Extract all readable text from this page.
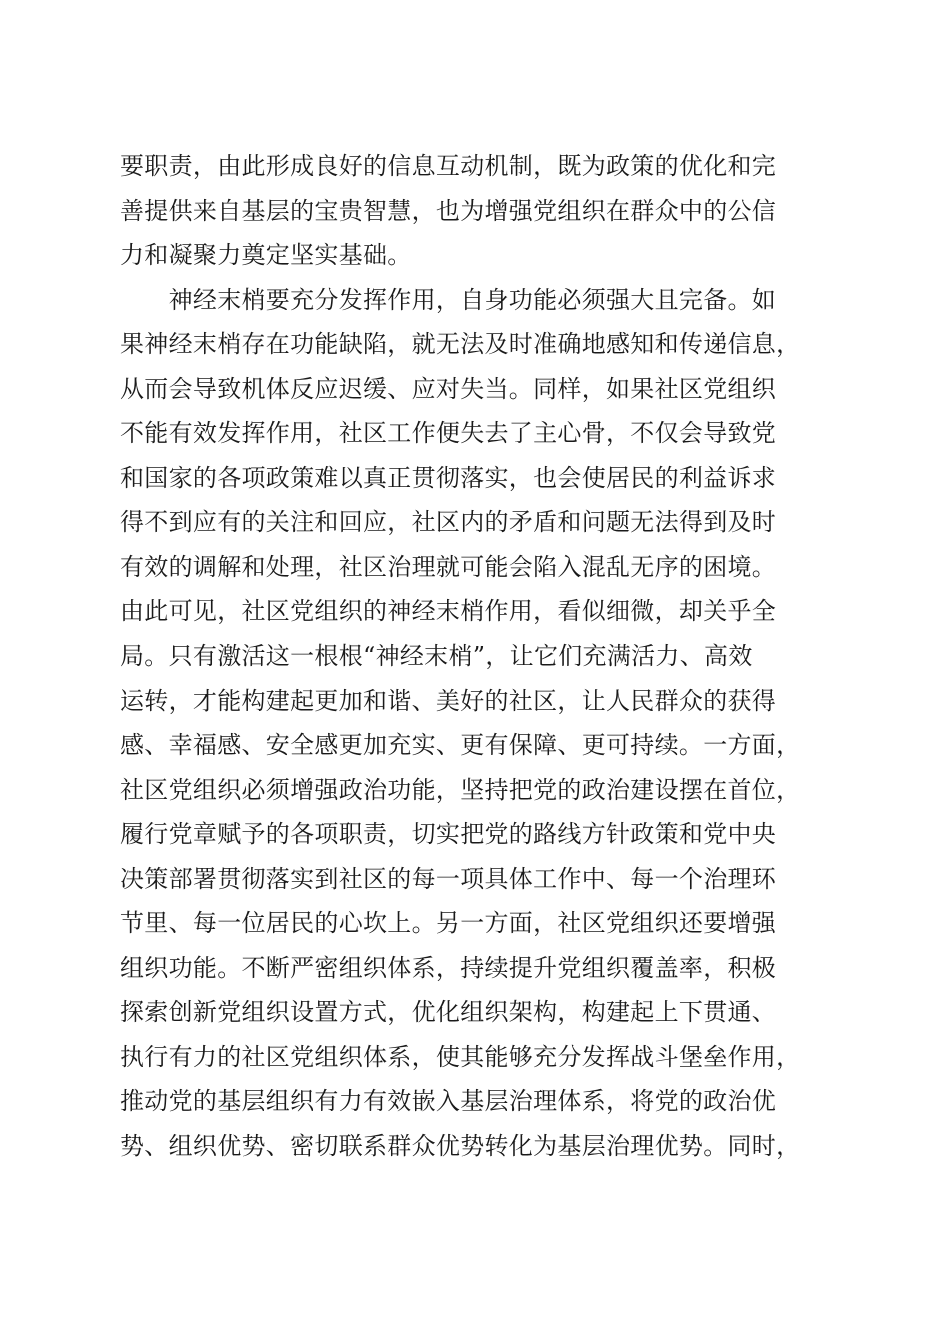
要职责，由此形成良好的信息互动机制，既为政策的优化和完
善提供来自基层的宝贵智慧，也为增强党组织在群众中的公信
力和凝聚力奠定坚实基础。
　　神经末梢要充分发挥作用，自身功能必须强大且完备。如
果神经末梢存在功能缺陷，就无法及时准确地感知和传递信息，
从而会导致机体反应迟缓、应对失当。同样，如果社区党组织
不能有效发挥作用，社区工作便失去了主心骨，不仅会导致党
和国家的各项政策难以真正贯彻落实，也会使居民的利益诉求
得不到应有的关注和回应，社区内的矛盾和问题无法得到及时
有效的调解和处理，社区治理就可能会陷入混乱无序的困境。
由此可见，社区党组织的神经末梢作用，看似细微，却关乎全
局。只有激活这一根根“神经末梢”，让它们充满活力、高效
运转，才能构建起更加和谐、美好的社区，让人民群众的获得
感、幸福感、安全感更加充实、更有保障、更可持续。一方面，
社区党组织必须增强政治功能，坚持把党的政治建设摆在首位，
履行党章赋予的各项职责，切实把党的路线方针政策和党中央
决策部署贯彻落实到社区的每一项具体工作中、每一个治理环
节里、每一位居民的心坎上。另一方面，社区党组织还要增强
组织功能。不断严密组织体系，持续提升党组织覆盖率，积极
探索创新党组织设置方式，优化组织架构，构建起上下贯通、
执行有力的社区党组织体系，使其能够充分发挥战斗堡垒作用，
推动党的基层组织有力有效嵌入基层治理体系，将党的政治优
势、组织优势、密切联系群众优势转化为基层治理优势。同时，
